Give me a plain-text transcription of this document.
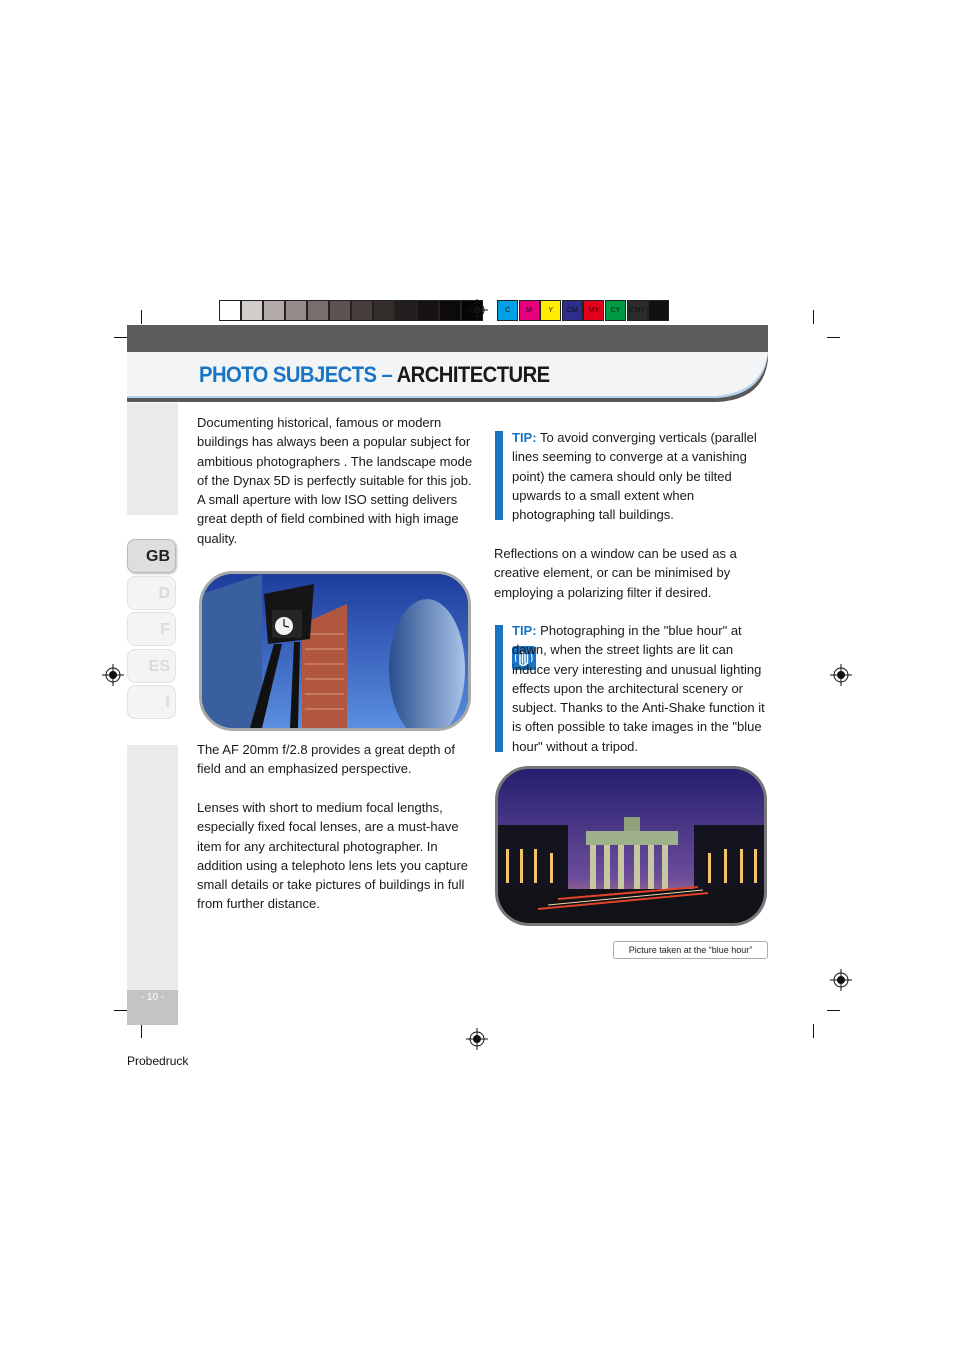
C	M	Y	CM	MY	CY	CMY	K
PHOTO SUBJECTS – ARCHITECTURE
GB
D
F
ES
I
- 10 -

Documenting historical, famous or modern buildings has always been a popular subject for ambitious photographers . The landscape mode of the Dynax 5D is perfectly suitable for this job. A small aperture with low ISO setting delivers great depth of field combined with high image quality.

The AF 20mm f/2.8 provides a great depth of field and an emphasized perspective.

Lenses with short to medium focal lengths, especially fixed focal lenses, are a must-have item for any architectural photographer. In addition using a telephoto lens lets you capture small details or take pictures of buildings in full from further distance.

TIP: To avoid converging verticals (parallel lines seeming to converge at a vanishing point) the camera should only be tilted upwards to a small extent when photographing tall buildings.

Reflections on a window can be used as a creative element, or can be minimised by employing a polarizing filter if desired.

TIP: Photographing in the "blue hour" at dawn, when the street lights are lit can induce very interesting and unusual lighting effects upon the architectural scenery or subject. Thanks to the Anti-Shake function it is often possible to take images in the "blue hour" without a tripod.

Picture taken at the “blue hour”
Probedruck
